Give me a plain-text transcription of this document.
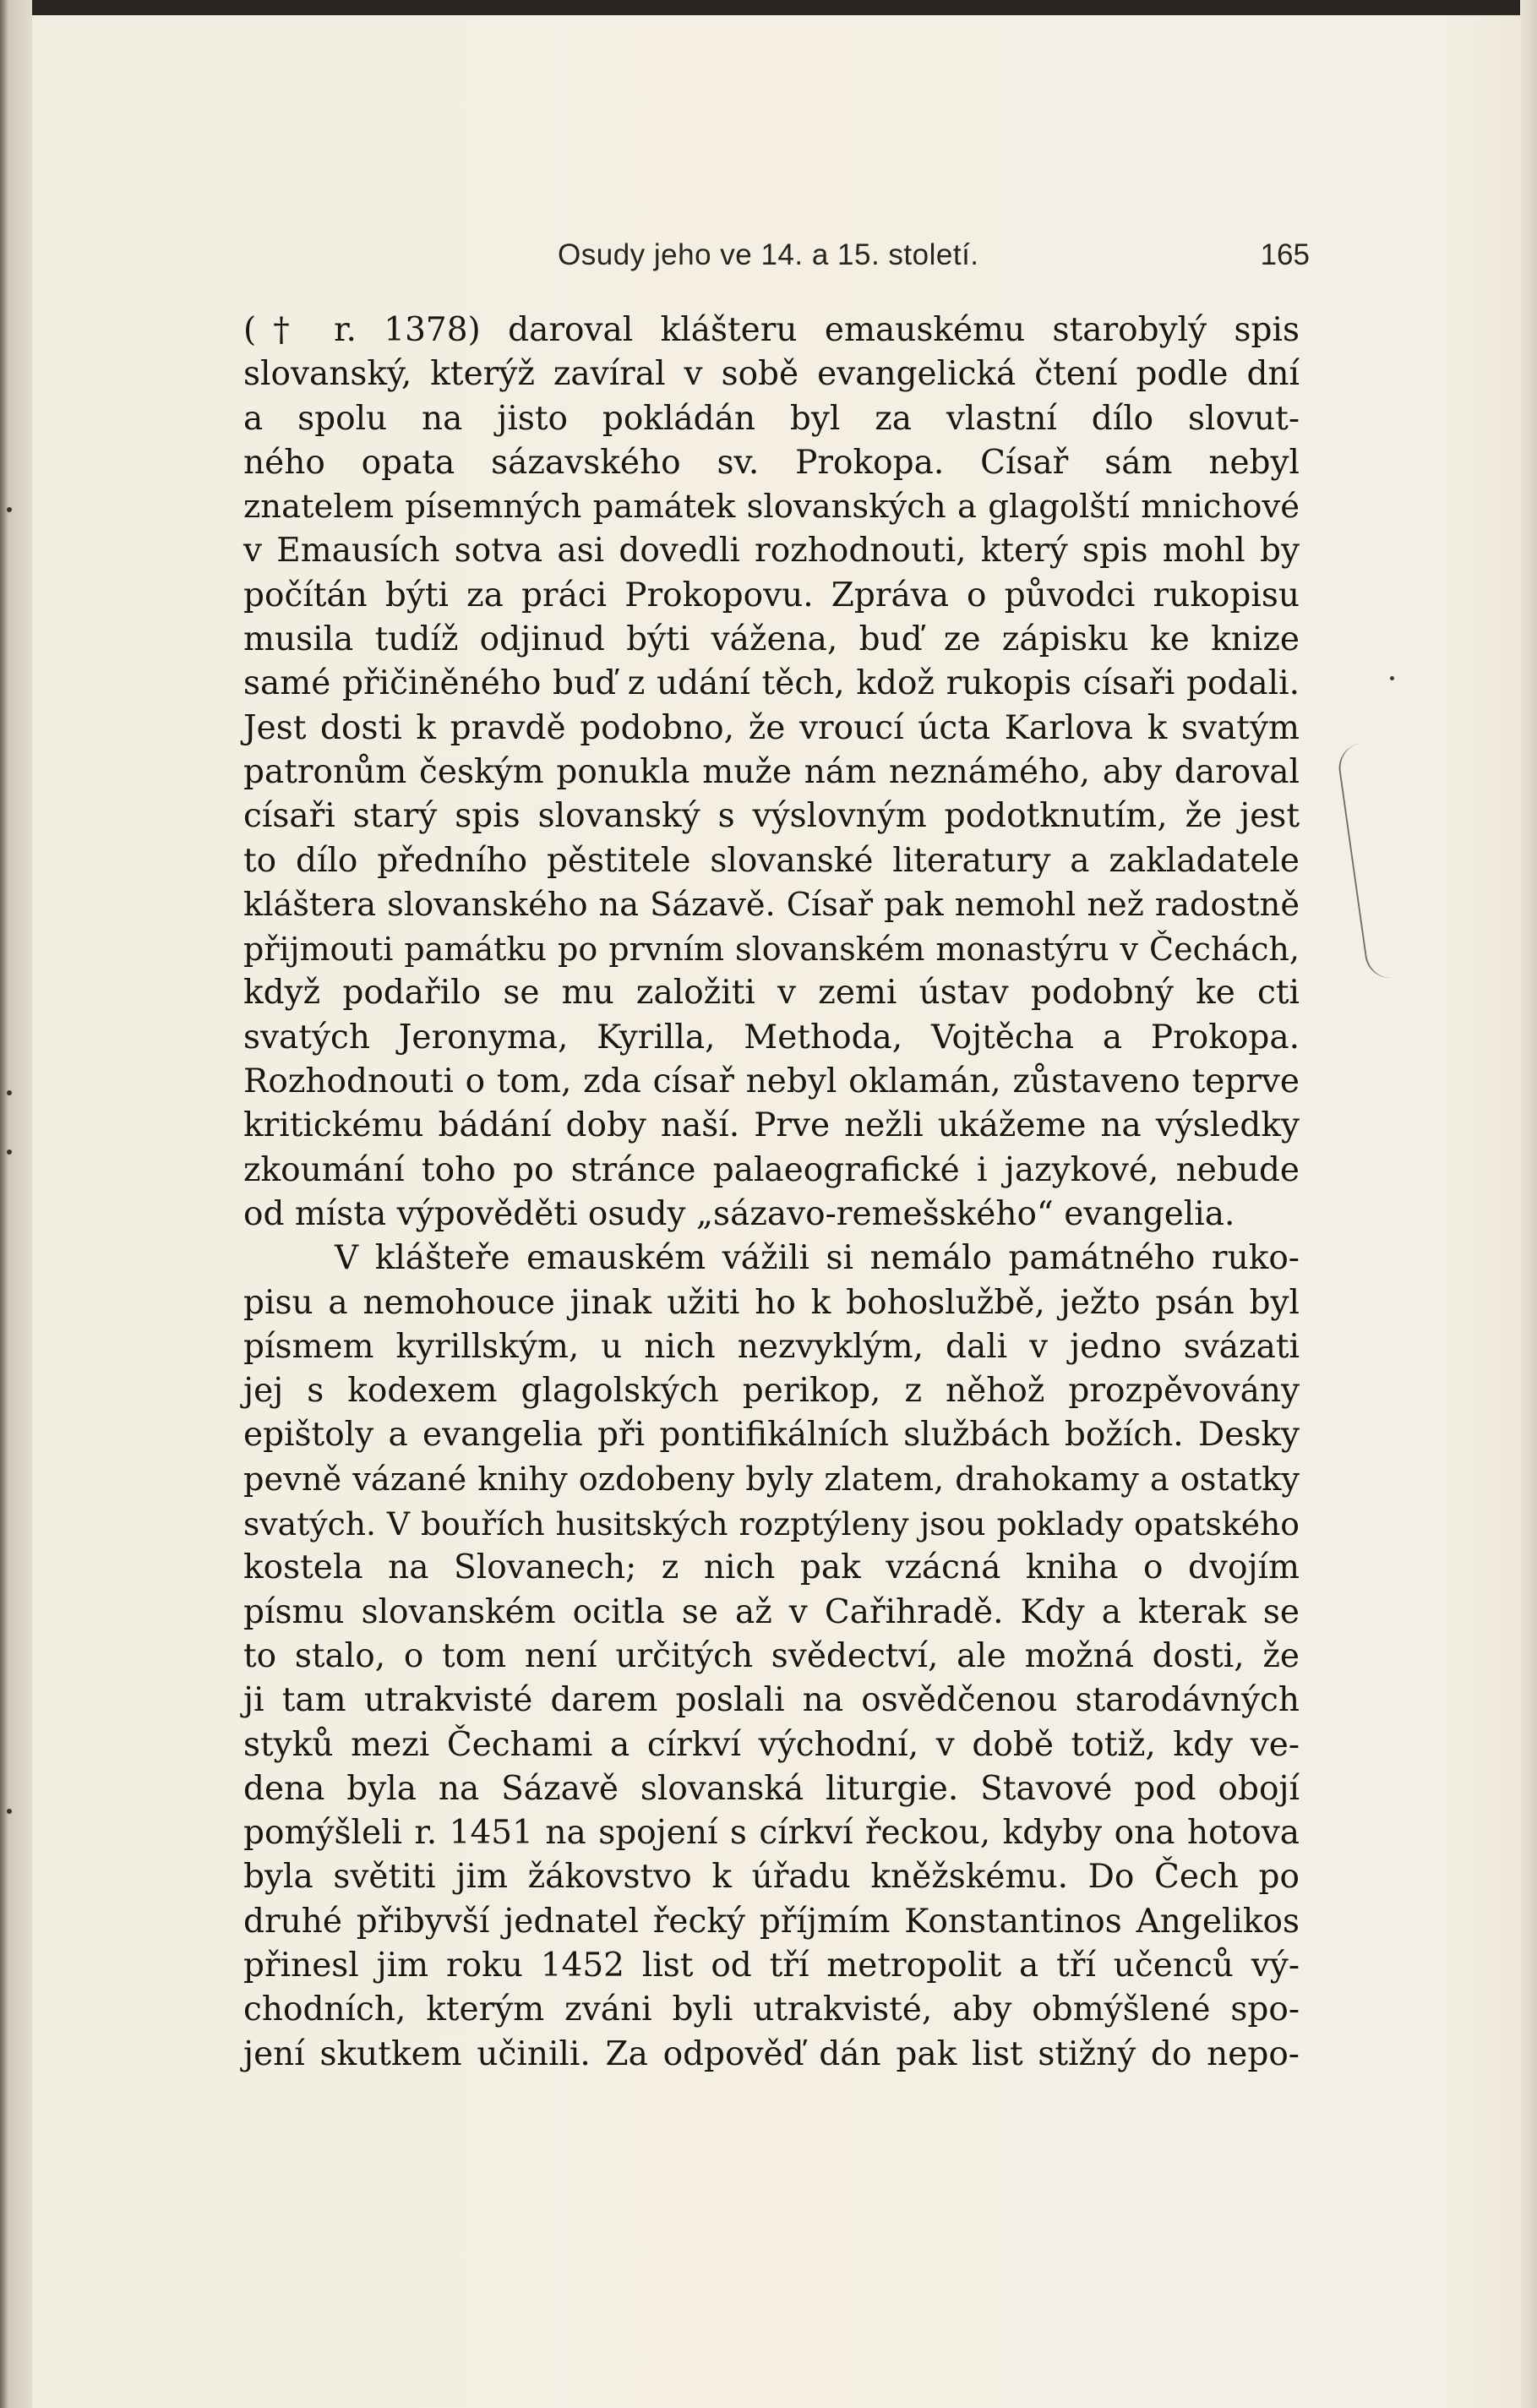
Osudy jeho ve 14. a 15. století.	165
(† r. 1378) daroval klášteru emauskému starobylý spis
slovanský, kterýž zavíral v sobě evangelická čtení podle dní
a spolu na jisto pokládán byl za vlastní dílo slovut-
ného opata sázavského sv. Prokopa. Císař sám nebyl
znatelem písemných památek slovanských a glagolští mnichové
v Emausích sotva asi dovedli rozhodnouti, který spis mohl by
počítán býti za práci Prokopovu. Zpráva o původci rukopisu
musila tudíž odjinud býti vážena, buď ze zápisku ke knize
samé přičiněného buď z udání těch, kdož rukopis císaři podali.
Jest dosti k pravdě podobno, že vroucí úcta Karlova k svatým
patronům českým ponukla muže nám neznámého, aby daroval
císaři starý spis slovanský s výslovným podotknutím, že jest
to dílo předního pěstitele slovanské literatury a zakladatele
kláštera slovanského na Sázavě. Císař pak nemohl než radostně
přijmouti památku po prvním slovanském monastýru v Čechách,
když podařilo se mu založiti v zemi ústav podobný ke cti
svatých Jeronyma, Kyrilla, Methoda, Vojtěcha a Prokopa.
Rozhodnouti o tom, zda císař nebyl oklamán, zůstaveno teprve
kritickému bádání doby naší. Prve nežli ukážeme na výsledky
zkoumání toho po stránce palaeografické i jazykové, nebude
od místa výpověděti osudy „sázavo-remešského“ evangelia.
V klášteře emauském vážili si nemálo památného ruko-
pisu a nemohouce jinak užiti ho k bohoslužbě, ježto psán byl
písmem kyrillským, u nich nezvyklým, dali v jedno svázati
jej s kodexem glagolských perikop, z něhož prozpěvovány
epištoly a evangelia při pontifikálních službách božích. Desky
pevně vázané knihy ozdobeny byly zlatem, drahokamy a ostatky
svatých. V bouřích husitských rozptýleny jsou poklady opatského
kostela na Slovanech; z nich pak vzácná kniha o dvojím
písmu slovanském ocitla se až v Cařihradě. Kdy a kterak se
to stalo, o tom není určitých svědectví, ale možná dosti, že
ji tam utrakvisté darem poslali na osvědčenou starodávných
styků mezi Čechami a církví východní, v době totiž, kdy ve-
dena byla na Sázavě slovanská liturgie. Stavové pod obojí
pomýšleli r. 1451 na spojení s církví řeckou, kdyby ona hotova
byla světiti jim žákovstvo k úřadu kněžskému. Do Čech po
druhé přibyvší jednatel řecký příjmím Konstantinos Angelikos
přinesl jim roku 1452 list od tří metropolit a tří učenců vý-
chodních, kterým zváni byli utrakvisté, aby obmýšlené spo-
jení skutkem učinili. Za odpověď dán pak list stižný do nepo-
